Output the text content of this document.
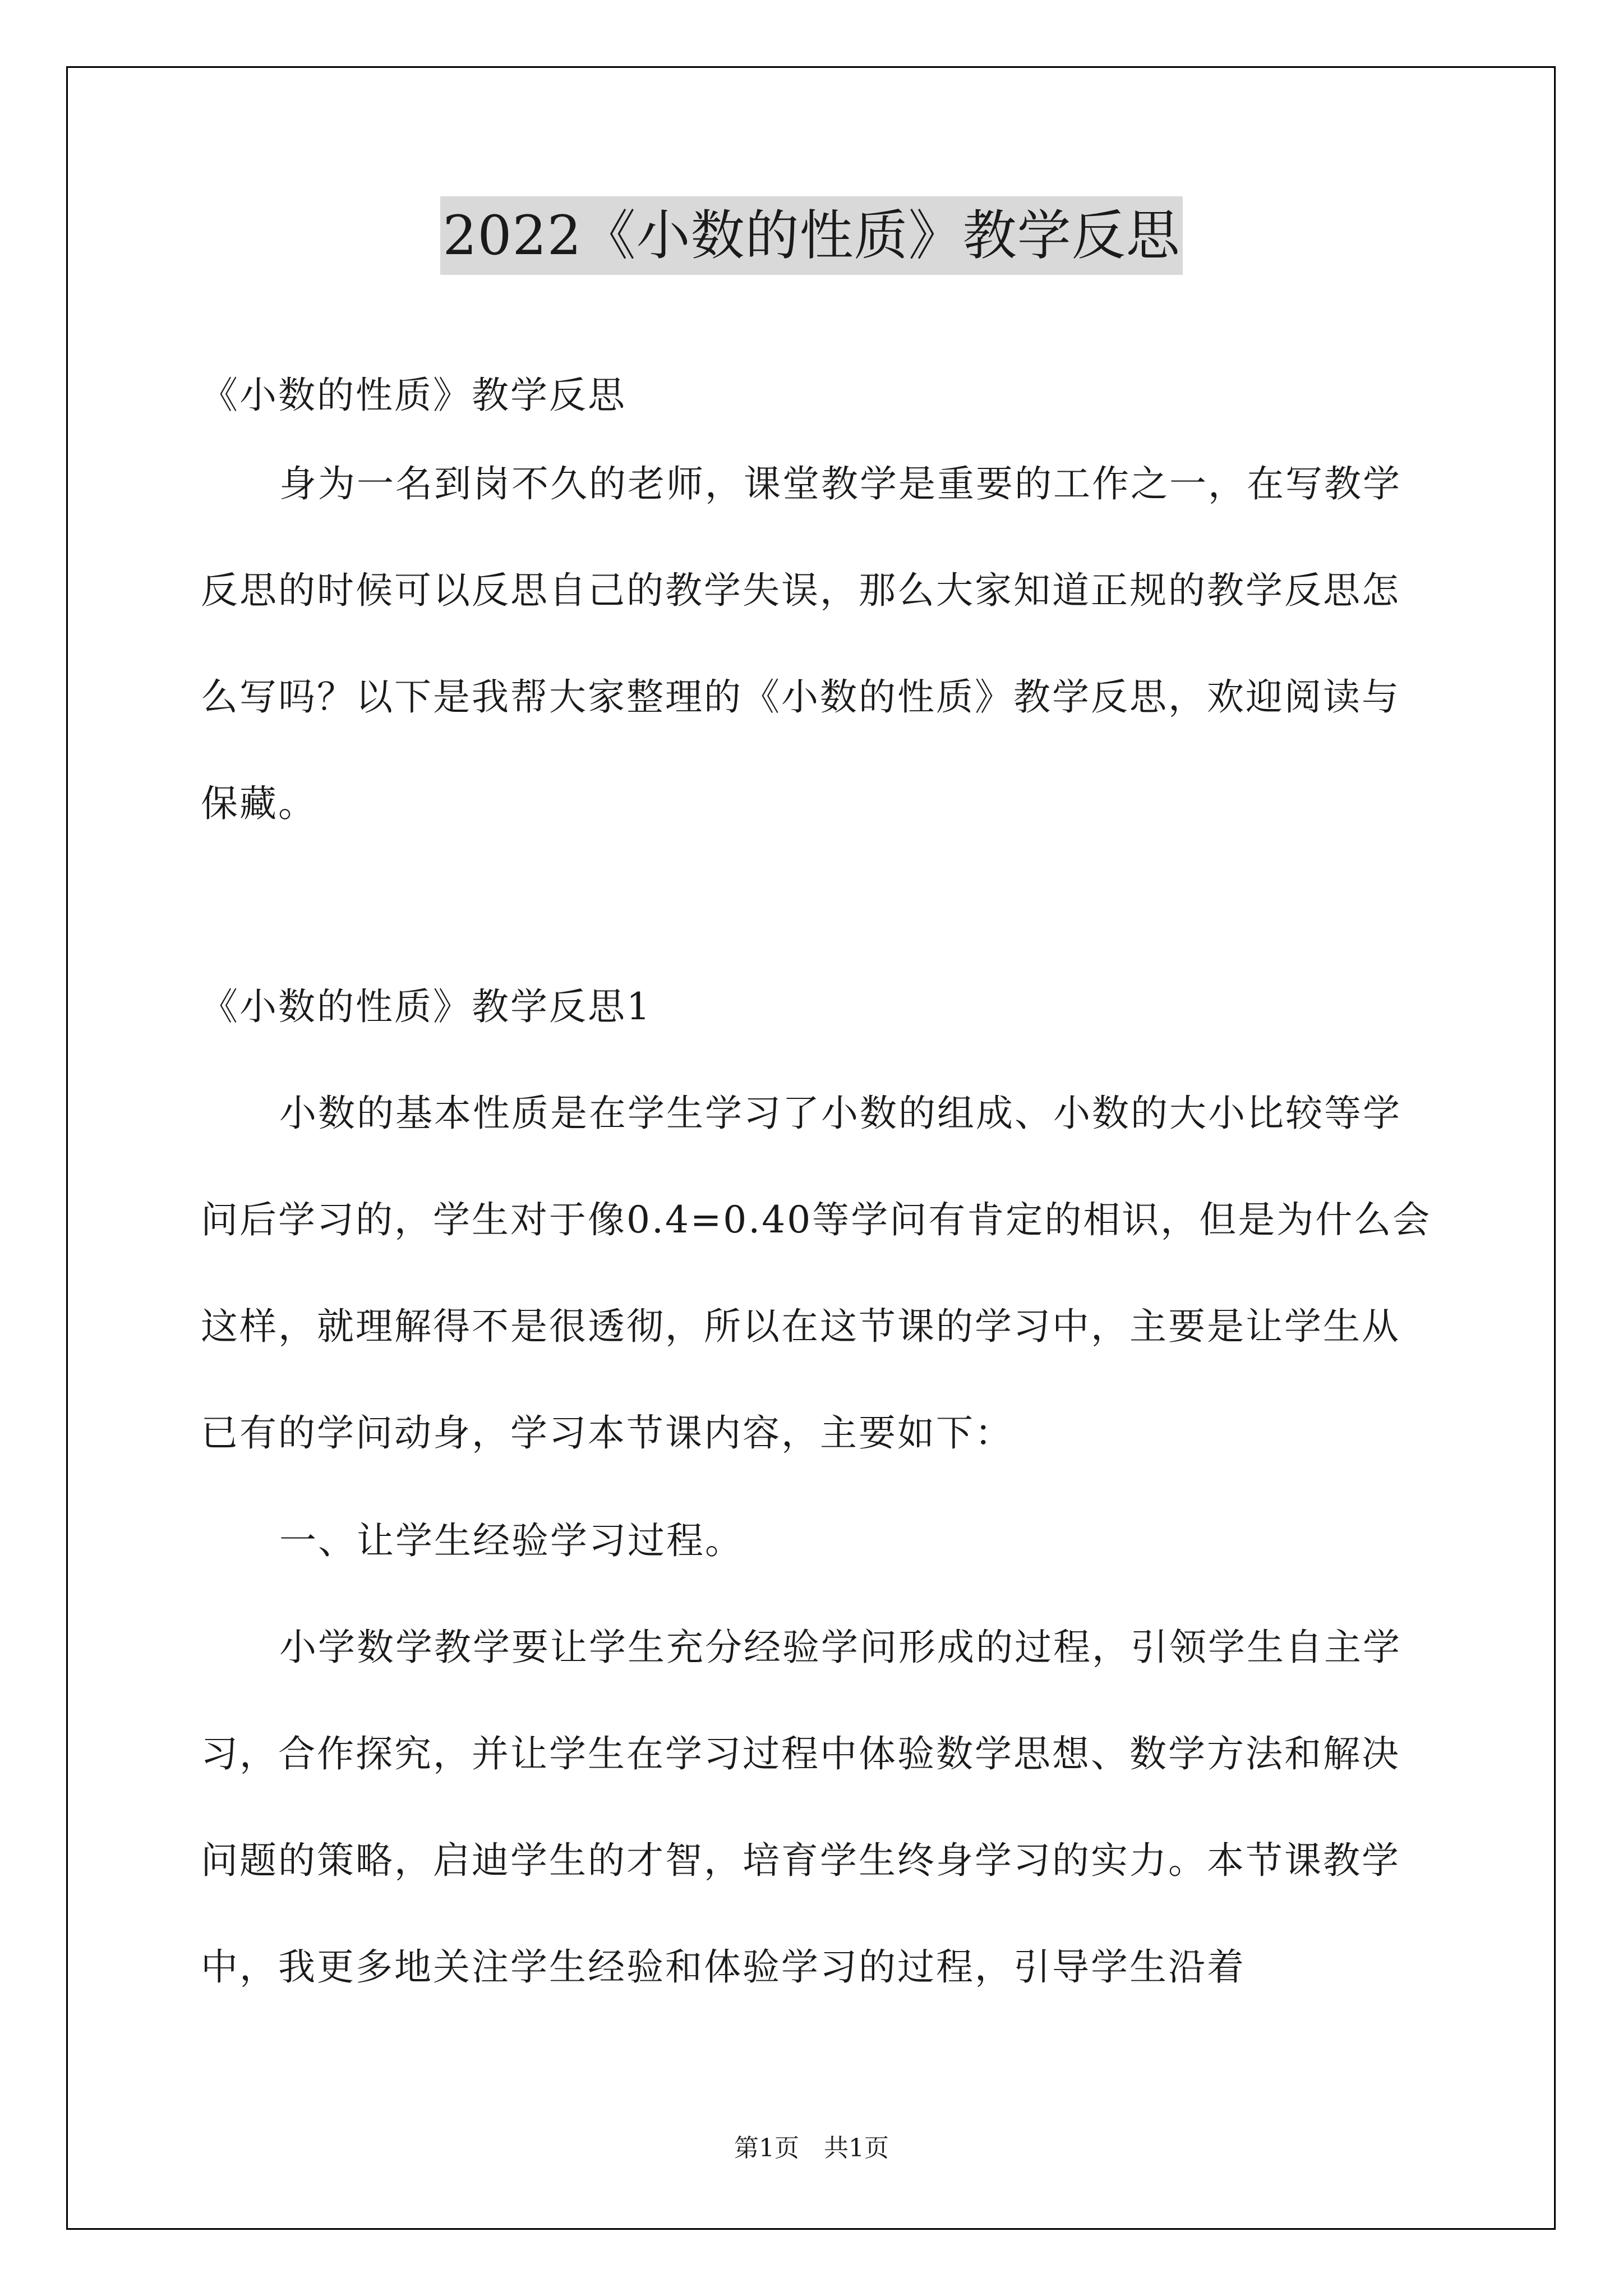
2022《小数的性质》教学反思

《小数的性质》教学反思

身为一名到岗不久的老师，课堂教学是重要的工作之一，在写教学反思的时候可以反思自己的教学失误，那么大家知道正规的教学反思怎么写吗？以下是我帮大家整理的《小数的性质》教学反思，欢迎阅读与保藏。

《小数的性质》教学反思1

小数的基本性质是在学生学习了小数的组成、小数的大小比较等学问后学习的，学生对于像0.4=0.40等学问有肯定的相识，但是为什么会这样，就理解得不是很透彻，所以在这节课的学习中，主要是让学生从已有的学问动身，学习本节课内容，主要如下：

一、让学生经验学习过程。

小学数学教学要让学生充分经验学问形成的过程，引领学生自主学习，合作探究，并让学生在学习过程中体验数学思想、数学方法和解决问题的策略，启迪学生的才智，培育学生终身学习的实力。本节课教学中，我更多地关注学生经验和体验学习的过程，引导学生沿着

第1页　共1页
